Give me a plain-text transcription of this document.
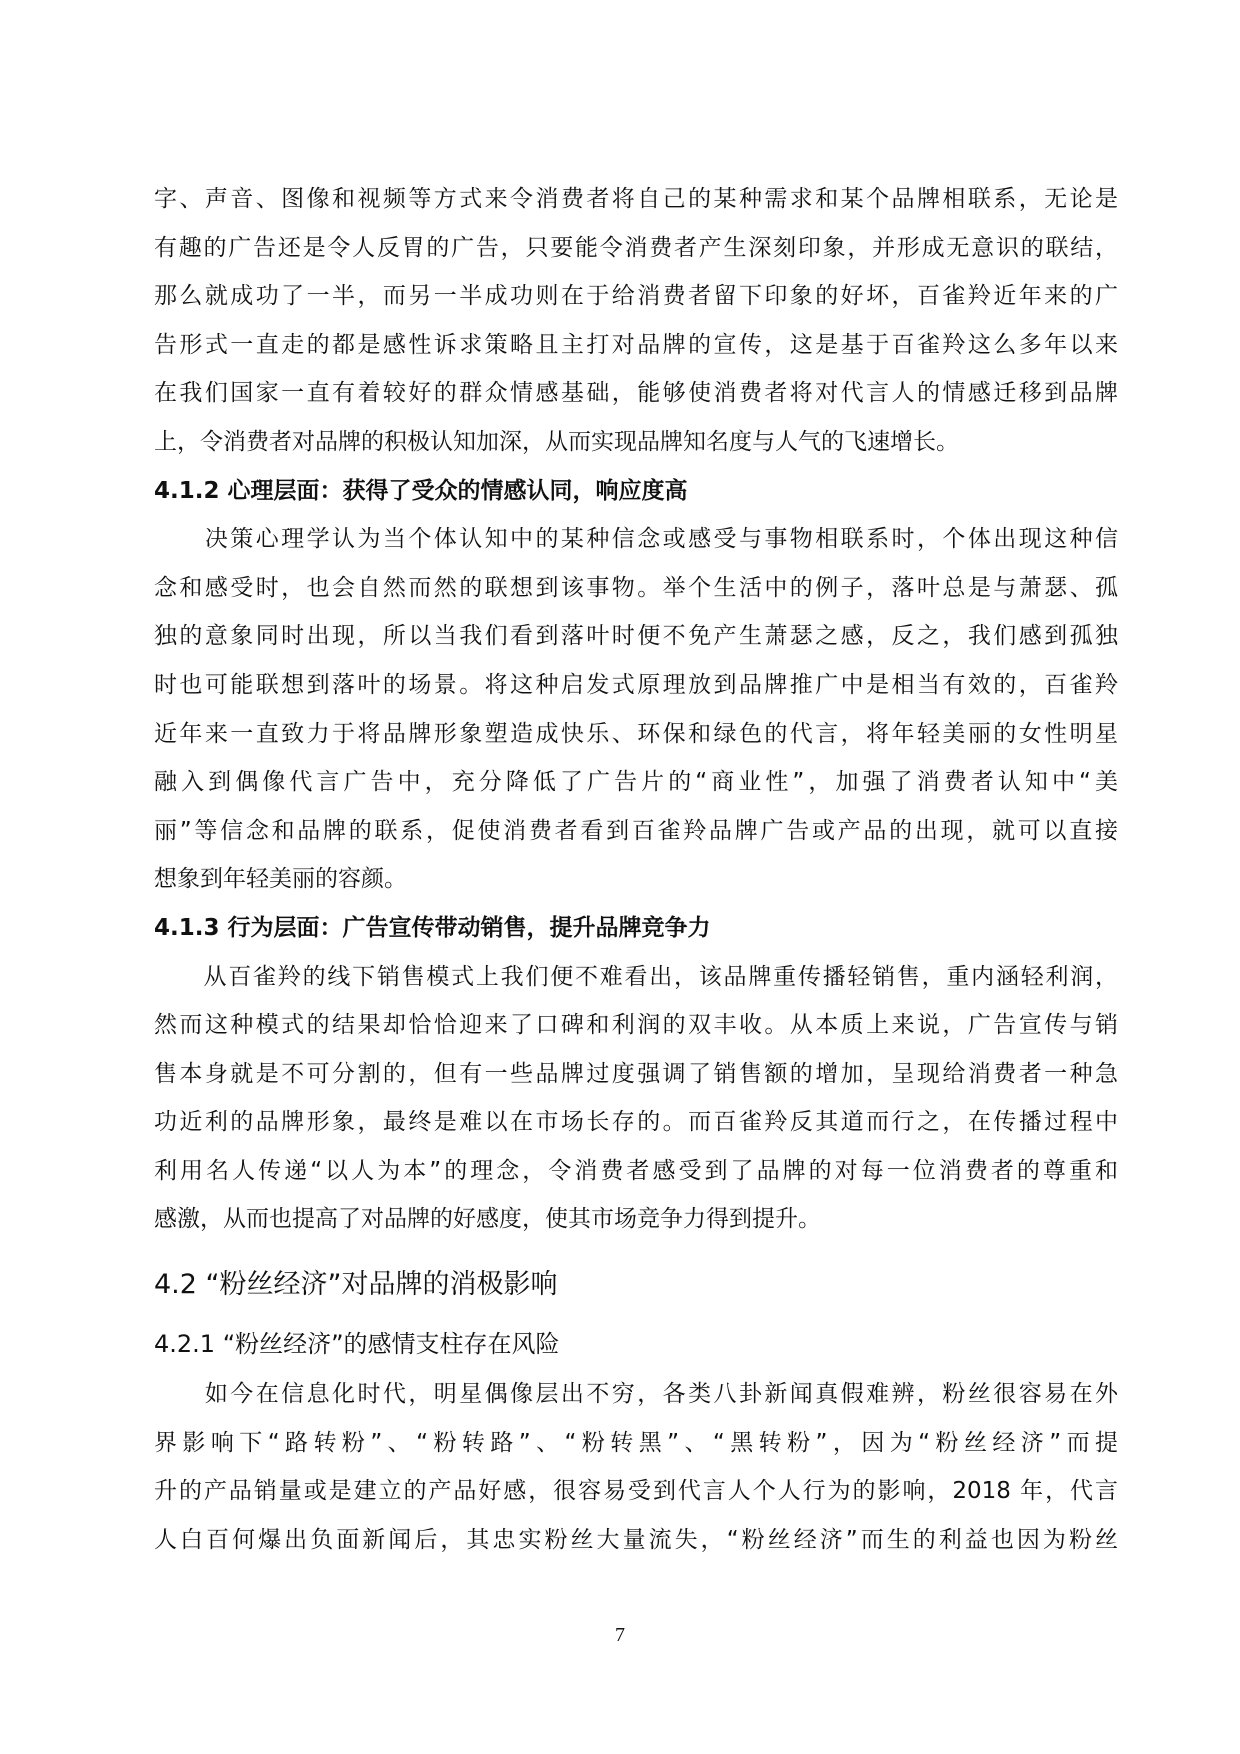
字、声音、图像和视频等方式来令消费者将自己的某种需求和某个品牌相联系，无论是
有趣的广告还是令人反胃的广告，只要能令消费者产生深刻印象，并形成无意识的联结，
那么就成功了一半，而另一半成功则在于给消费者留下印象的好坏，百雀羚近年来的广
告形式一直走的都是感性诉求策略且主打对品牌的宣传，这是基于百雀羚这么多年以来
在我们国家一直有着较好的群众情感基础，能够使消费者将对代言人的情感迁移到品牌
上，令消费者对品牌的积极认知加深，从而实现品牌知名度与人气的飞速增长。
4.1.2 心理层面：获得了受众的情感认同，响应度高
　　决策心理学认为当个体认知中的某种信念或感受与事物相联系时，个体出现这种信
念和感受时，也会自然而然的联想到该事物。举个生活中的例子，落叶总是与萧瑟、孤
独的意象同时出现，所以当我们看到落叶时便不免产生萧瑟之感，反之，我们感到孤独
时也可能联想到落叶的场景。将这种启发式原理放到品牌推广中是相当有效的，百雀羚
近年来一直致力于将品牌形象塑造成快乐、环保和绿色的代言，将年轻美丽的女性明星
融入到偶像代言广告中，充分降低了广告片的“商业性”，加强了消费者认知中“美
丽”等信念和品牌的联系，促使消费者看到百雀羚品牌广告或产品的出现，就可以直接
想象到年轻美丽的容颜。
4.1.3 行为层面：广告宣传带动销售，提升品牌竞争力
　　从百雀羚的线下销售模式上我们便不难看出，该品牌重传播轻销售，重内涵轻利润，
然而这种模式的结果却恰恰迎来了口碑和利润的双丰收。从本质上来说，广告宣传与销
售本身就是不可分割的，但有一些品牌过度强调了销售额的增加，呈现给消费者一种急
功近利的品牌形象，最终是难以在市场长存的。而百雀羚反其道而行之，在传播过程中
利用名人传递“以人为本”的理念，令消费者感受到了品牌的对每一位消费者的尊重和
感激，从而也提高了对品牌的好感度，使其市场竞争力得到提升。
4.2 “粉丝经济”对品牌的消极影响
4.2.1 “粉丝经济”的感情支柱存在风险
　　如今在信息化时代，明星偶像层出不穷，各类八卦新闻真假难辨，粉丝很容易在外
界影响下“路转粉”、“粉转路”、“粉转黑”、“黑转粉”，因为“粉丝经济”而提
升的产品销量或是建立的产品好感，很容易受到代言人个人行为的影响，2018 年，代言
人白百何爆出负面新闻后，其忠实粉丝大量流失，“粉丝经济”而生的利益也因为粉丝
7
